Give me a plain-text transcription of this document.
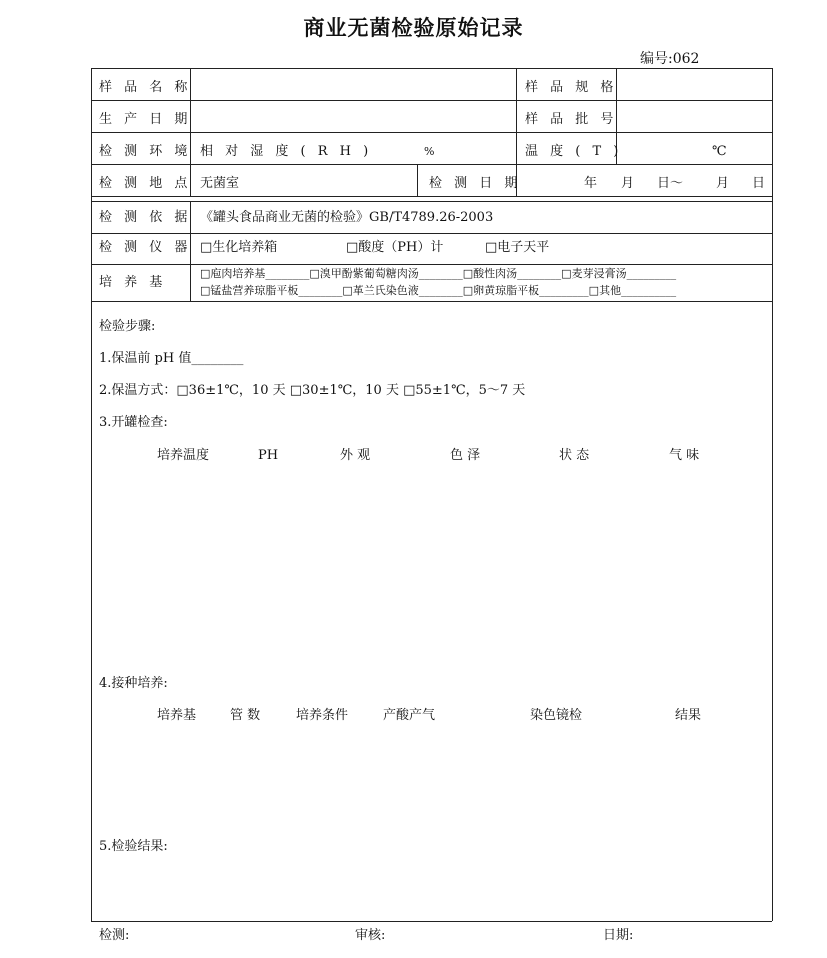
商业无菌检验原始记录
编号:062
样 品 名 称	样 品 规 格
生 产 日 期	样 品 批 号
检 测 环 境 相 对 湿 度 ( R H )	%	温 度 ( T )	℃
检 测 地 点 无菌室	检 测 日 期	年 月 日～	月 日
检 测 依 据 《罐头食品商业无菌的检验》GB/T4789.26-2003
检 测 仪 器 □生化培养箱	□酸度（PH）计	□电子天平
培 养 基
□庖肉培养基________□溴甲酚紫葡萄糖肉汤________□酸性肉汤________□麦芽浸膏汤_________
□锰盐营养琼脂平板________□革兰氏染色液________□卵黄琼脂平板_________□其他__________
检验步骤:
1.保温前 pH 值________
2.保温方式：□36±1℃，10 天 □30±1℃，10 天 □55±1℃，5～7 天
3.开罐检查:
培养温度	PH	外 观	色 泽	状 态	气 味
4.接种培养:
培养基	管 数	培养条件	产酸产气	染色镜检	结果
5.检验结果:
检测:	审核:	日期:
